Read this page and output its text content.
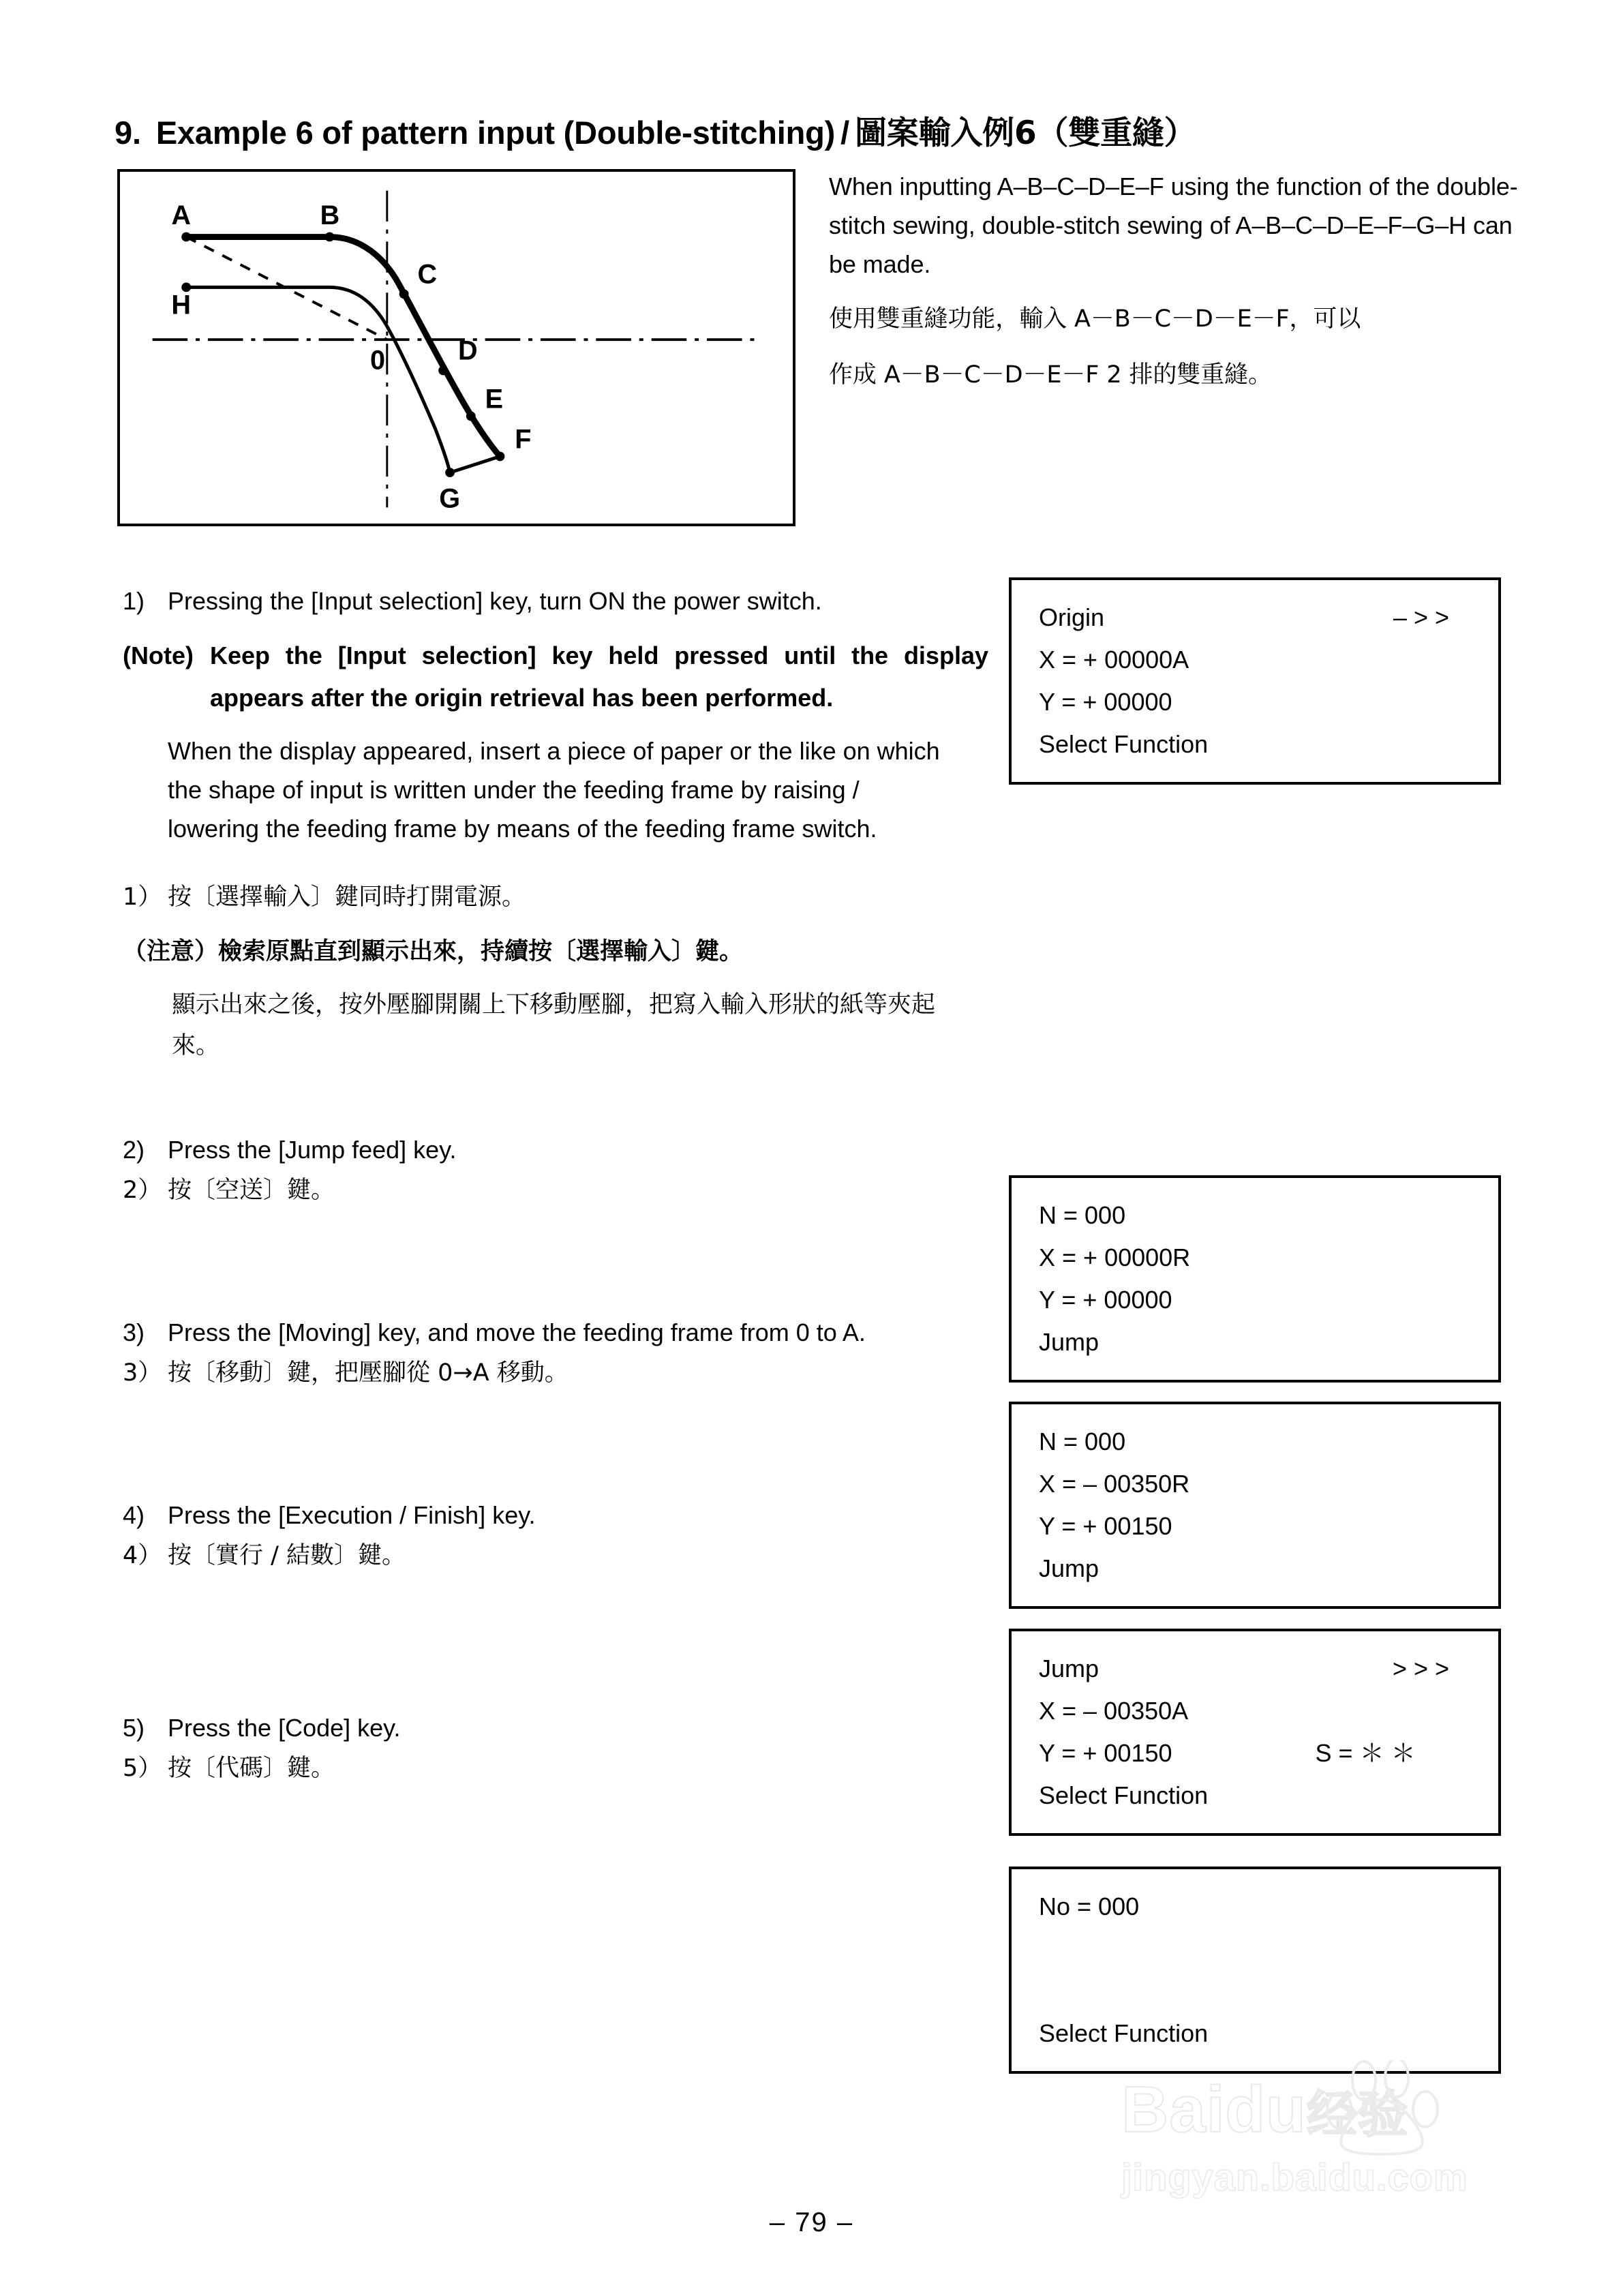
9. Example 6 of pattern input (Double-stitching) / 圖案輸入例 6 （雙重縫）
A	B
C
D
E
F
G
H
0

When inputting A–B–C–D–E–F using the function of the double-stitch sewing, double-stitch sewing of A–B–C–D–E–F–G–H can be made.

使用雙重縫功能，輸入 A－B－C－D－E－F，可以

作成 A－B－C－D－E－F 2 排的雙重縫。

1) Pressing the [Input selection] key, turn ON the power switch.
(Note) Keep the [Input selection] key held pressed until the display appears after the origin retrieval has been performed.
When the display appeared, insert a piece of paper or the like on which the shape of input is written under the feeding frame by raising / lowering the feeding frame by means of the feeding frame switch.
1） 按〔選擇輸入〕鍵同時打開電源。
（注意）檢索原點直到顯示出來，持續按〔選擇輸入〕鍵。
顯示出來之後，按外壓腳開關上下移動壓腳，把寫入輸入形狀的紙等夾起來。
2) Press the [Jump feed] key.
2） 按〔空送〕鍵。
3) Press the [Moving] key, and move the feeding frame from 0 to A.
3） 按〔移動〕鍵，把壓腳從 0→A 移動。
4) Press the [Execution / Finish] key.
4） 按〔實行 / 結數〕鍵。
5) Press the [Code] key.
5） 按〔代碼〕鍵。
Origin	– > >
X = + 00000A
Y = + 00000
Select Function
N = 000
X = + 00000R
Y = + 00000
Jump
N = 000
X = – 00350R
Y = + 00150
Jump
Jump	> > >
X = – 00350A
Y = + 00150	S = ＊ ＊
Select Function
No = 000
Select Function
Baidu经验
jingyan.baidu.com
– 79 –
